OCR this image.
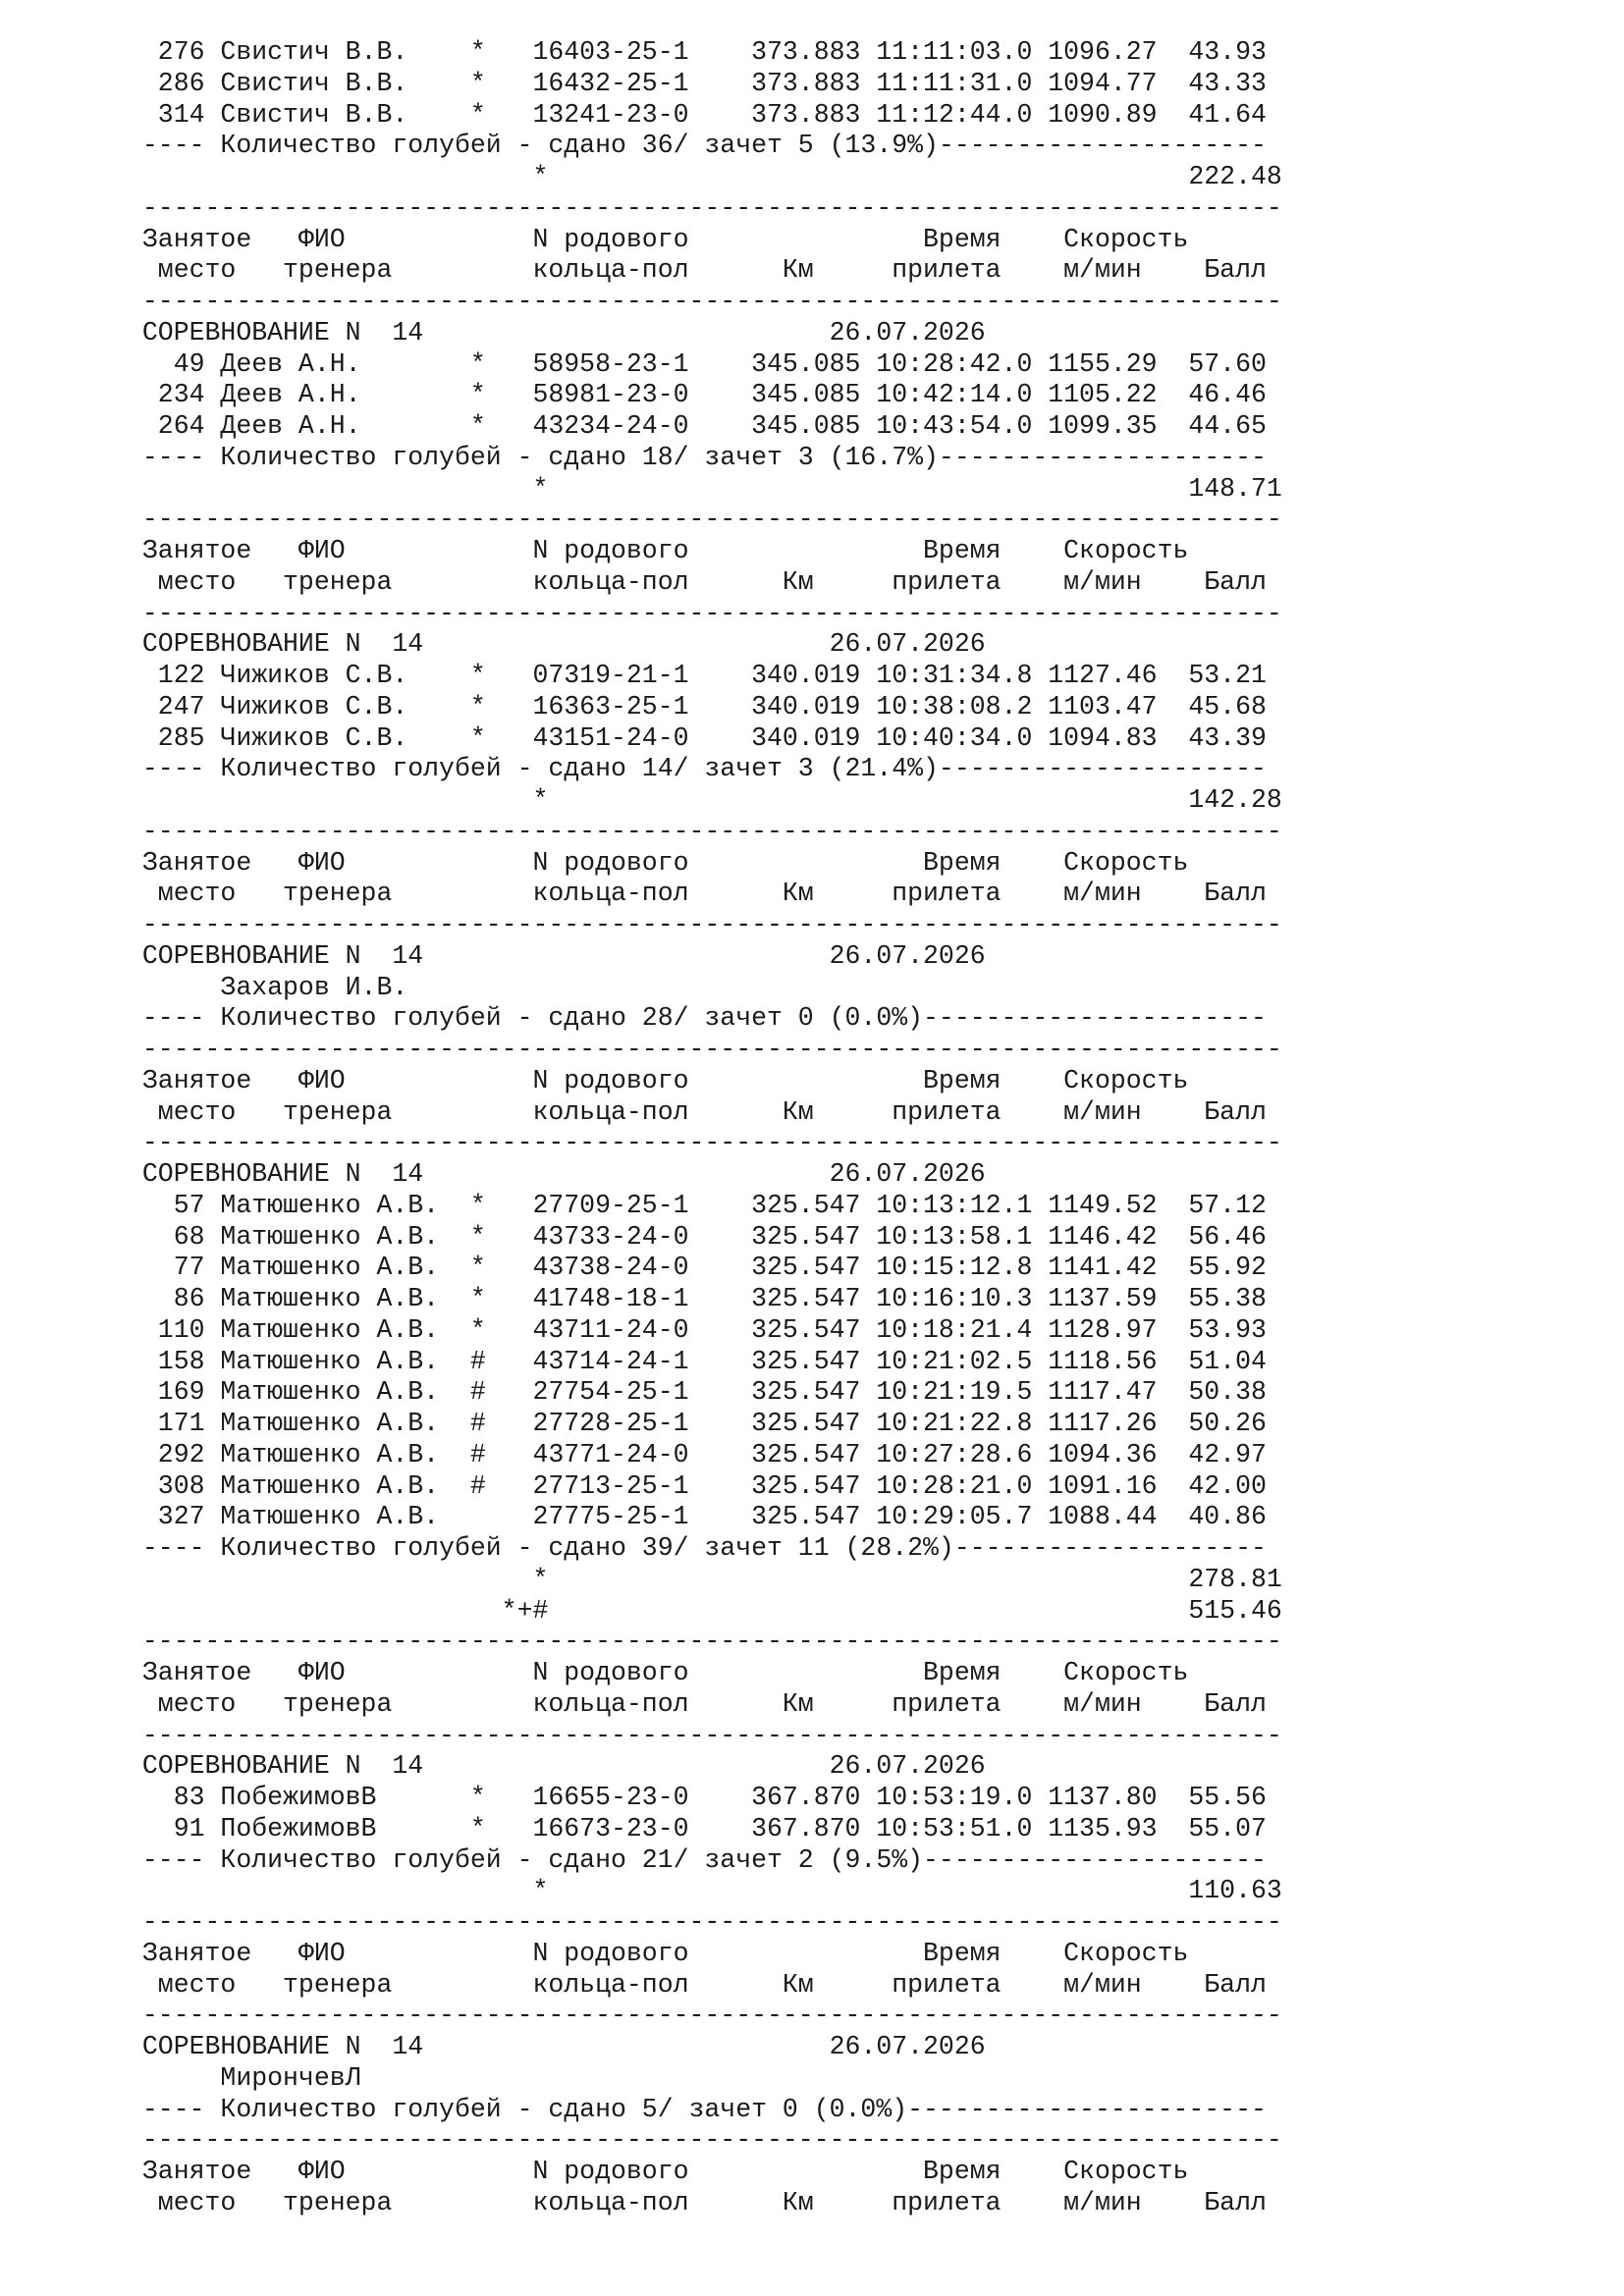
276 Свистич В.В.    *   16403-25-1    373.883 11:11:03.0 1096.27  43.93
286 Свистич В.В.    *   16432-25-1    373.883 11:11:31.0 1094.77  43.33
314 Свистич В.В.    *   13241-23-0    373.883 11:12:44.0 1090.89  41.64
---- Количество голубей - сдано 36/ зачет 5 (13.9%)---------------------
*                                         222.48
-------------------------------------------------------------------------
Занятое   ФИО            N родового               Время    Скорость
место   тренера         кольца-пол      Км     прилета    м/мин    Балл
-------------------------------------------------------------------------
СОРЕВНОВАНИЕ N  14                          26.07.2026
49 Деев А.Н.       *   58958-23-1    345.085 10:28:42.0 1155.29  57.60
234 Деев А.Н.       *   58981-23-0    345.085 10:42:14.0 1105.22  46.46
264 Деев А.Н.       *   43234-24-0    345.085 10:43:54.0 1099.35  44.65
---- Количество голубей - сдано 18/ зачет 3 (16.7%)---------------------
*                                         148.71
-------------------------------------------------------------------------
Занятое   ФИО            N родового               Время    Скорость
место   тренера         кольца-пол      Км     прилета    м/мин    Балл
-------------------------------------------------------------------------
СОРЕВНОВАНИЕ N  14                          26.07.2026
122 Чижиков С.В.    *   07319-21-1    340.019 10:31:34.8 1127.46  53.21
247 Чижиков С.В.    *   16363-25-1    340.019 10:38:08.2 1103.47  45.68
285 Чижиков С.В.    *   43151-24-0    340.019 10:40:34.0 1094.83  43.39
---- Количество голубей - сдано 14/ зачет 3 (21.4%)---------------------
*                                         142.28
-------------------------------------------------------------------------
Занятое   ФИО            N родового               Время    Скорость
место   тренера         кольца-пол      Км     прилета    м/мин    Балл
-------------------------------------------------------------------------
СОРЕВНОВАНИЕ N  14                          26.07.2026
Захаров И.В.
---- Количество голубей - сдано 28/ зачет 0 (0.0%)----------------------
-------------------------------------------------------------------------
Занятое   ФИО            N родового               Время    Скорость
место   тренера         кольца-пол      Км     прилета    м/мин    Балл
-------------------------------------------------------------------------
СОРЕВНОВАНИЕ N  14                          26.07.2026
57 Матюшенко А.В.  *   27709-25-1    325.547 10:13:12.1 1149.52  57.12
68 Матюшенко А.В.  *   43733-24-0    325.547 10:13:58.1 1146.42  56.46
77 Матюшенко А.В.  *   43738-24-0    325.547 10:15:12.8 1141.42  55.92
86 Матюшенко А.В.  *   41748-18-1    325.547 10:16:10.3 1137.59  55.38
110 Матюшенко А.В.  *   43711-24-0    325.547 10:18:21.4 1128.97  53.93
158 Матюшенко А.В.  #   43714-24-1    325.547 10:21:02.5 1118.56  51.04
169 Матюшенко А.В.  #   27754-25-1    325.547 10:21:19.5 1117.47  50.38
171 Матюшенко А.В.  #   27728-25-1    325.547 10:21:22.8 1117.26  50.26
292 Матюшенко А.В.  #   43771-24-0    325.547 10:27:28.6 1094.36  42.97
308 Матюшенко А.В.  #   27713-25-1    325.547 10:28:21.0 1091.16  42.00
327 Матюшенко А.В.      27775-25-1    325.547 10:29:05.7 1088.44  40.86
---- Количество голубей - сдано 39/ зачет 11 (28.2%)--------------------
*                                         278.81
*+#                                         515.46
-------------------------------------------------------------------------
Занятое   ФИО            N родового               Время    Скорость
место   тренера         кольца-пол      Км     прилета    м/мин    Балл
-------------------------------------------------------------------------
СОРЕВНОВАНИЕ N  14                          26.07.2026
83 ПобежимовВ      *   16655-23-0    367.870 10:53:19.0 1137.80  55.56
91 ПобежимовВ      *   16673-23-0    367.870 10:53:51.0 1135.93  55.07
---- Количество голубей - сдано 21/ зачет 2 (9.5%)----------------------
*                                         110.63
-------------------------------------------------------------------------
Занятое   ФИО            N родового               Время    Скорость
место   тренера         кольца-пол      Км     прилета    м/мин    Балл
-------------------------------------------------------------------------
СОРЕВНОВАНИЕ N  14                          26.07.2026
МирончевЛ
---- Количество голубей - сдано 5/ зачет 0 (0.0%)-----------------------
-------------------------------------------------------------------------
Занятое   ФИО            N родового               Время    Скорость
место   тренера         кольца-пол      Км     прилета    м/мин    Балл
